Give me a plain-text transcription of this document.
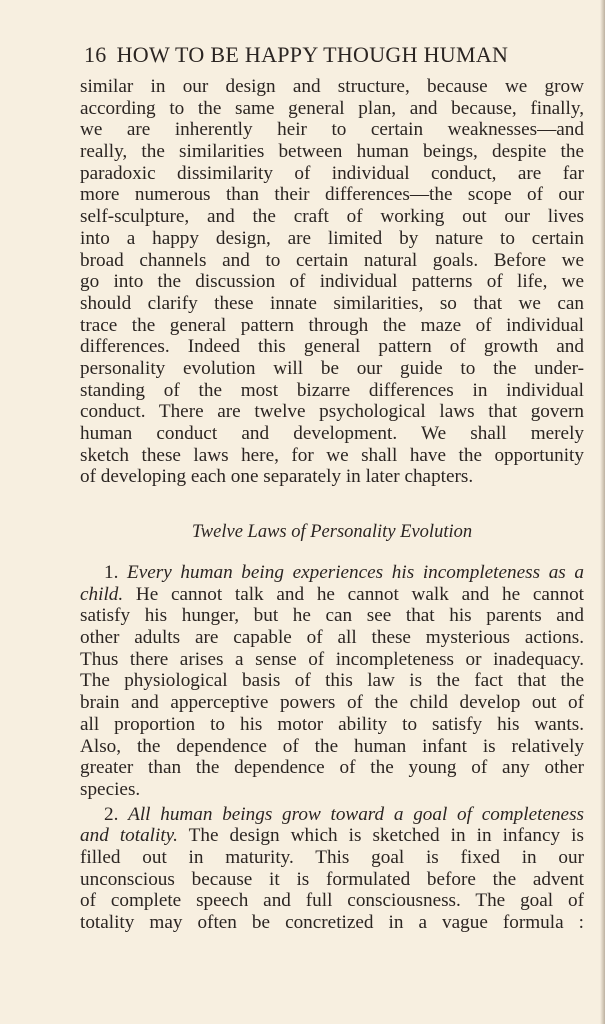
16 HOW TO BE HAPPY THOUGH HUMAN
similar in our design and structure, because we grow
according to the same general plan, and because, finally,
we are inherently heir to certain weaknesses—and
really, the similarities between human beings, despite the
paradoxic dissimilarity of individual conduct, are far
more numerous than their differences—the scope of our
self-sculpture, and the craft of working out our lives
into a happy design, are limited by nature to certain
broad channels and to certain natural goals. Before we
go into the discussion of individual patterns of life, we
should clarify these innate similarities, so that we can
trace the general pattern through the maze of individual
differences. Indeed this general pattern of growth and
personality evolution will be our guide to the under-
standing of the most bizarre differences in individual
conduct. There are twelve psychological laws that govern
human conduct and development. We shall merely
sketch these laws here, for we shall have the opportunity
of developing each one separately in later chapters.
Twelve Laws of Personality Evolution
1. Every human being experiences his incompleteness as a
child. He cannot talk and he cannot walk and he cannot
satisfy his hunger, but he can see that his parents and
other adults are capable of all these mysterious actions.
Thus there arises a sense of incompleteness or inadequacy.
The physiological basis of this law is the fact that the
brain and apperceptive powers of the child develop out of
all proportion to his motor ability to satisfy his wants.
Also, the dependence of the human infant is relatively
greater than the dependence of the young of any other
species.
2. All human beings grow toward a goal of completeness
and totality. The design which is sketched in in infancy is
filled out in maturity. This goal is fixed in our
unconscious because it is formulated before the advent
of complete speech and full consciousness. The goal of
totality may often be concretized in a vague formula :
